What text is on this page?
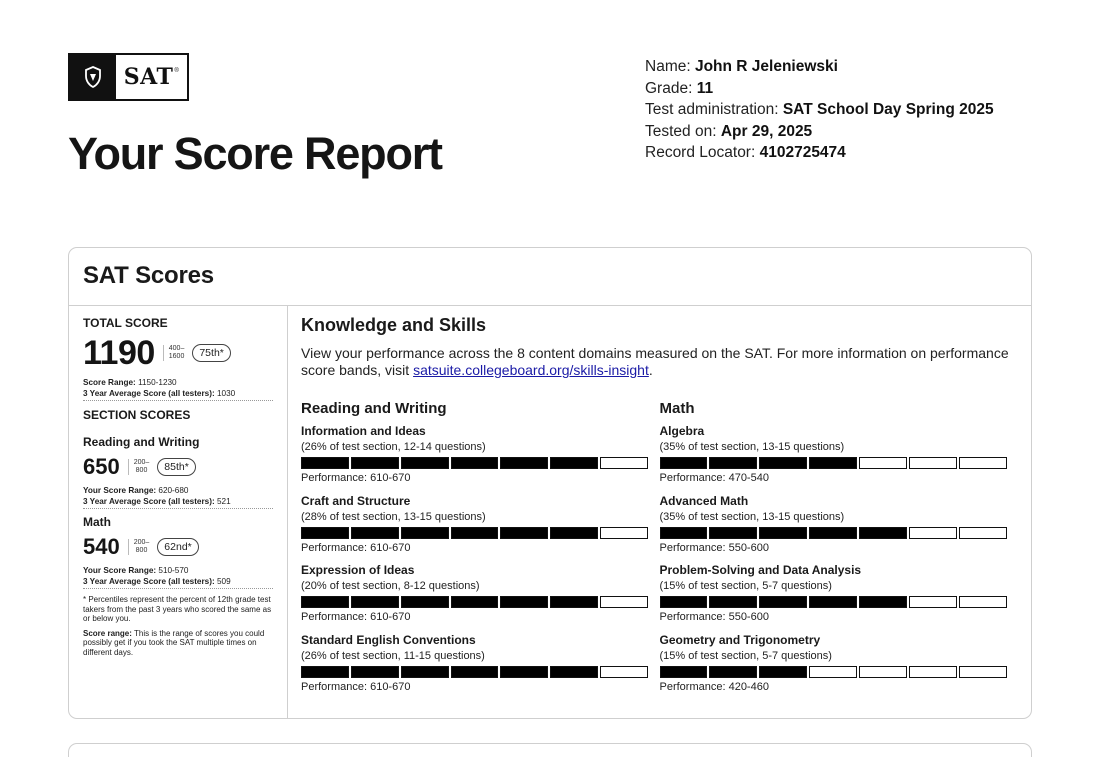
SAT®
Your Score Report
Name: John R Jeleniewski
Grade: 11
Test administration: SAT School Day Spring 2025
Tested on: Apr 29, 2025
Record Locator: 4102725474
SAT Scores
TOTAL SCORE
1190	400–
1600	75th*
Score Range: 1150-1230
3 Year Average Score (all testers): 1030
SECTION SCORES
Reading and Writing
650	200–
800	85th*
Your Score Range: 620-680
3 Year Average Score (all testers): 521
Math
540	200–
800	62nd*
Your Score Range: 510-570
3 Year Average Score (all testers): 509
* Percentiles represent the percent of 12th grade test takers from the past 3 years who scored the same as or below you.
Score range: This is the range of scores you could possibly get if you took the SAT multiple times on different days.
Knowledge and Skills
View your performance across the 8 content domains measured on the SAT. For more information on performance score bands, visit satsuite.collegeboard.org/skills-insight.
Reading and Writing
Information and Ideas
(26% of test section, 12-14 questions)
Performance: 610-670
Craft and Structure
(28% of test section, 13-15 questions)
Performance: 610-670
Expression of Ideas
(20% of test section, 8-12 questions)
Performance: 610-670
Standard English Conventions
(26% of test section, 11-15 questions)
Performance: 610-670
Math
Algebra
(35% of test section, 13-15 questions)
Performance: 470-540
Advanced Math
(35% of test section, 13-15 questions)
Performance: 550-600
Problem-Solving and Data Analysis
(15% of test section, 5-7 questions)
Performance: 550-600
Geometry and Trigonometry
(15% of test section, 5-7 questions)
Performance: 420-460
